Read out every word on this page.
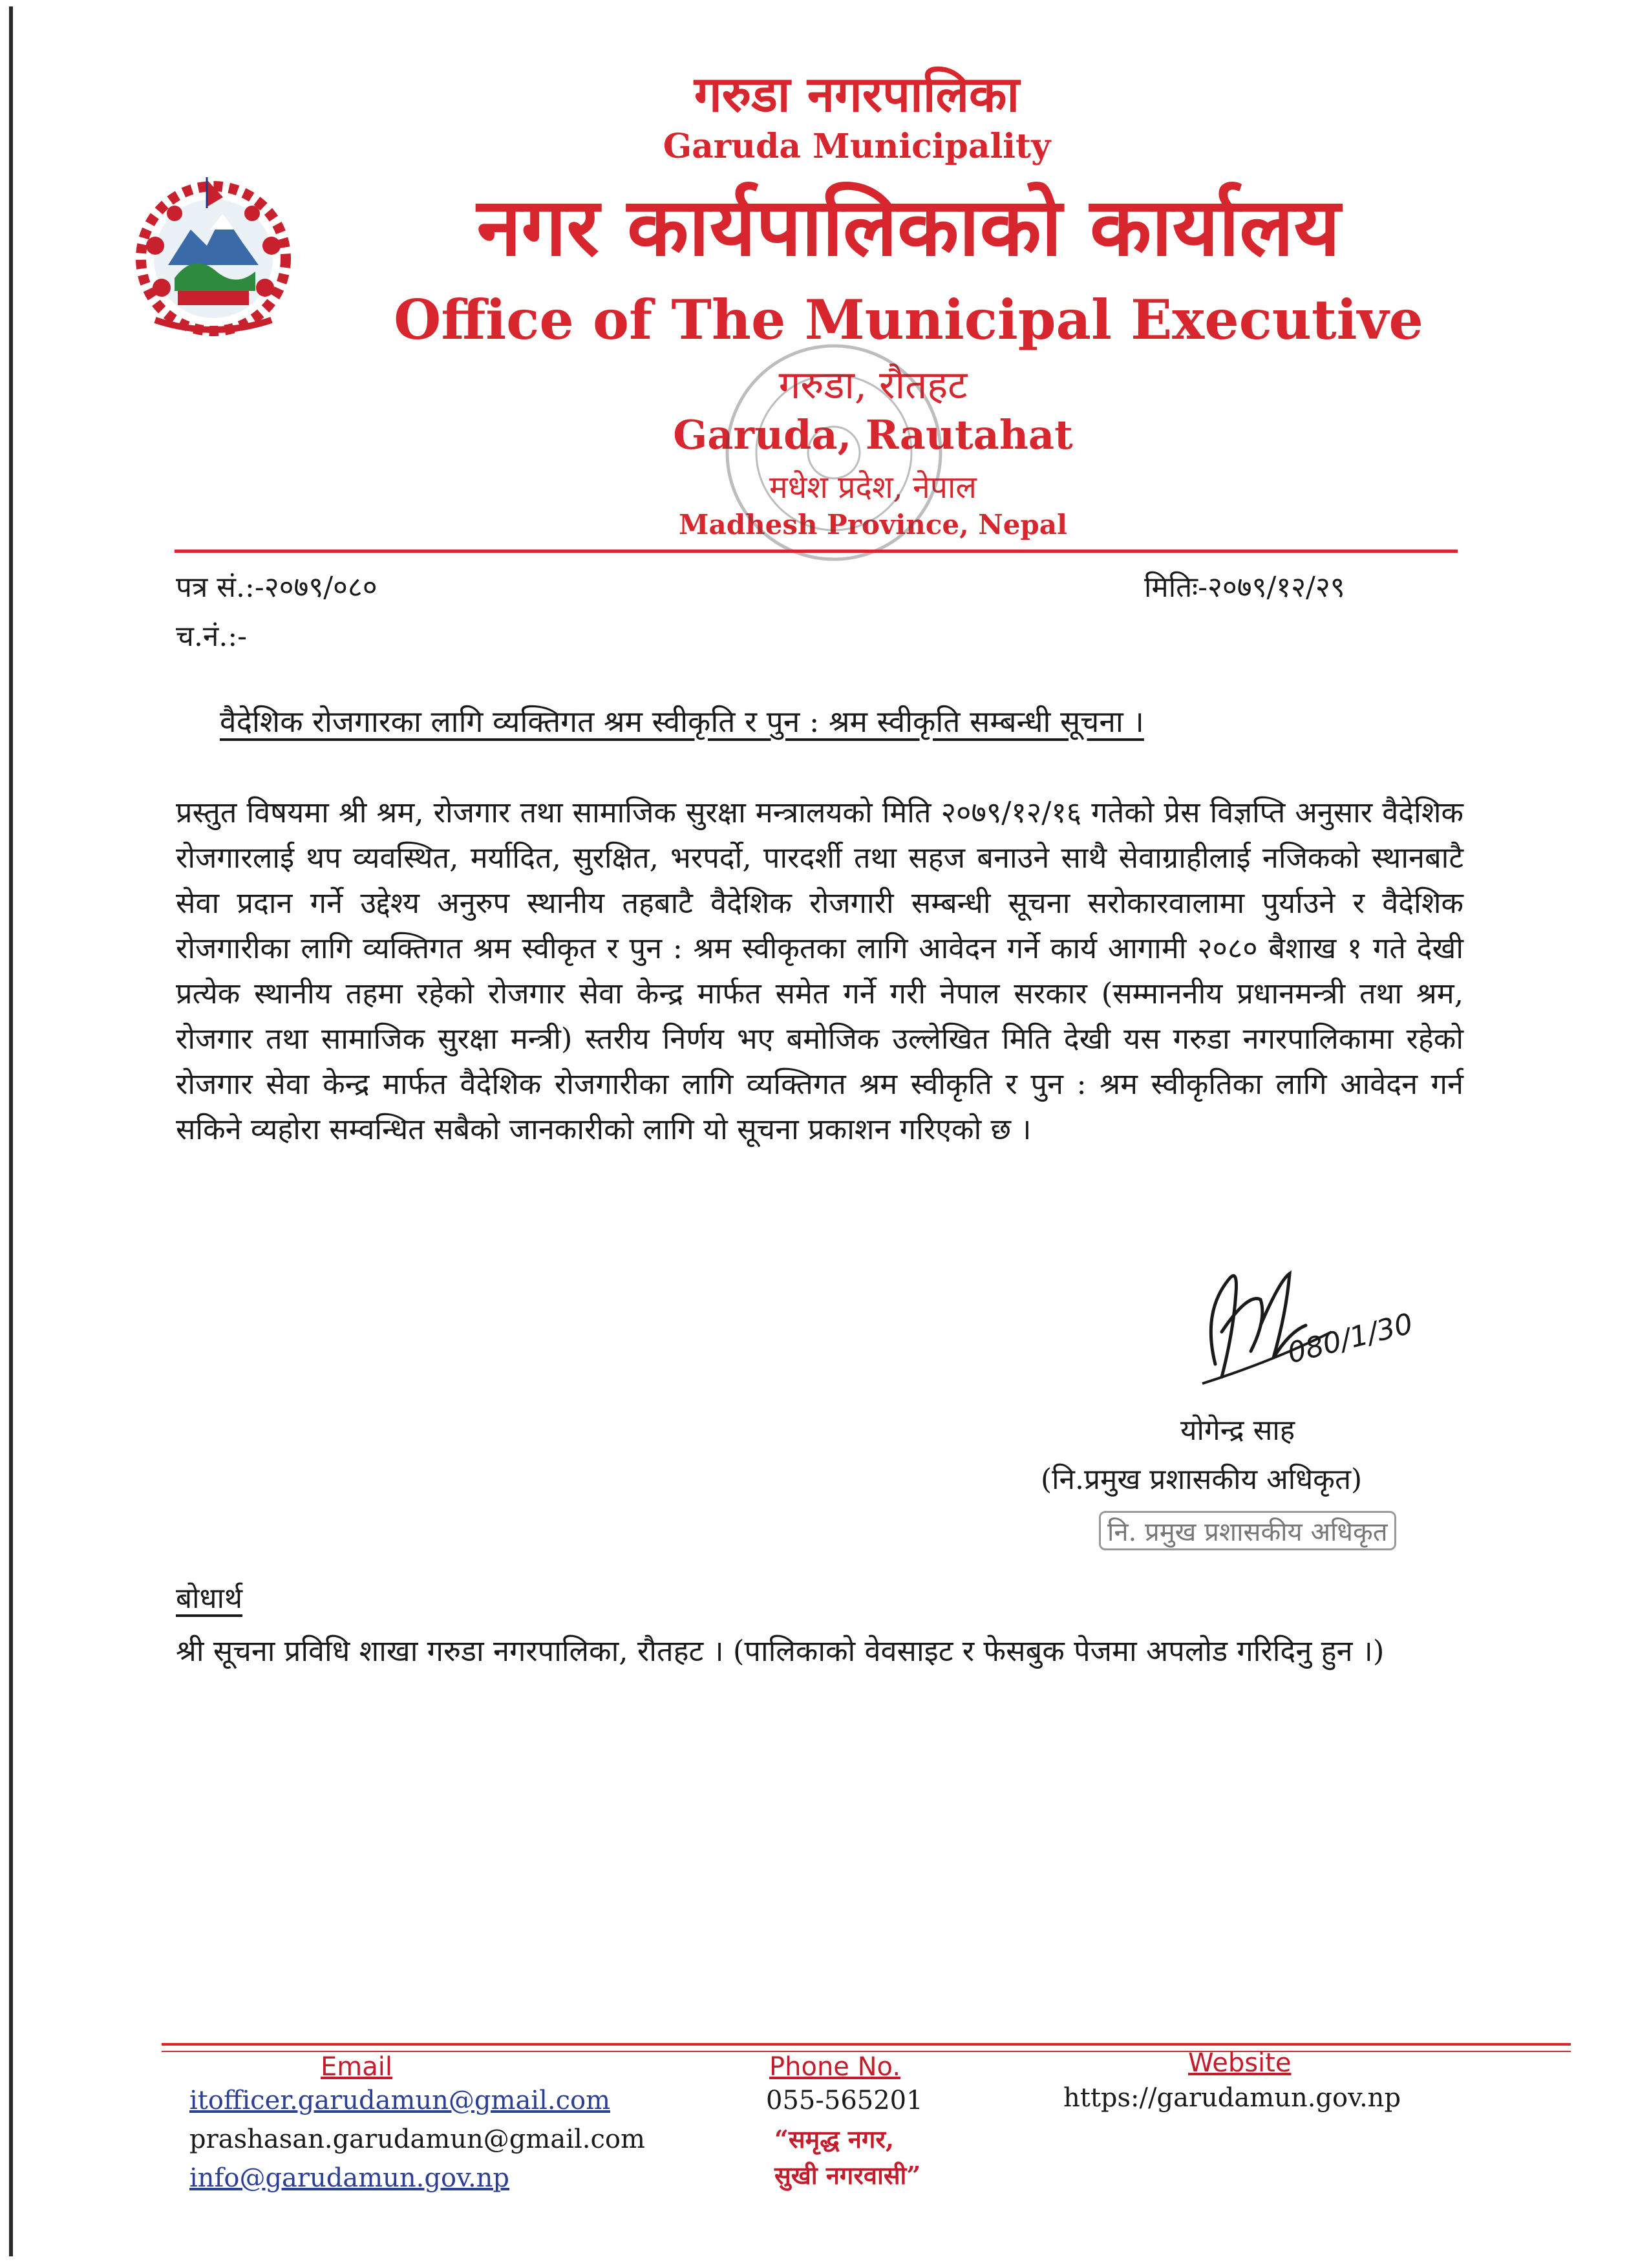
गरुडा नगरपालिका
Garuda Municipality
नगर कार्यपालिकाको कार्यालय
Office of The Municipal Executive
गरुडा, रौतहट
Garuda, Rautahat
मधेश प्रदेश, नेपाल
Madhesh Province, Nepal
पत्र सं.:-२०७९/०८०	मितिः-२०७९/१२/२९
च.नं.:-
वैदेशिक रोजगारका लागि व्यक्तिगत श्रम स्वीकृति र पुन : श्रम स्वीकृति सम्बन्धी सूचना ।
प्रस्तुत विषयमा श्री श्रम, रोजगार तथा सामाजिक सुरक्षा मन्त्रालयको मिति २०७९/१२/१६ गतेको प्रेस विज्ञप्ति अनुसार वैदेशिक रोजगारलाई थप व्यवस्थित, मर्यादित, सुरक्षित, भरपर्दो, पारदर्शी तथा सहज बनाउने साथै सेवाग्राहीलाई नजिकको स्थानबाटै सेवा प्रदान गर्ने उद्देश्य अनुरुप स्थानीय तहबाटै वैदेशिक रोजगारी सम्बन्धी सूचना सरोकारवालामा पुर्याउने र वैदेशिक रोजगारीका लागि व्यक्तिगत श्रम स्वीकृत र पुन : श्रम स्वीकृतका लागि आवेदन गर्ने कार्य आगामी २०८० बैशाख १ गते देखी प्रत्येक स्थानीय तहमा रहेको रोजगार सेवा केन्द्र मार्फत समेत गर्ने गरी नेपाल सरकार (सम्माननीय प्रधानमन्त्री तथा श्रम, रोजगार तथा सामाजिक सुरक्षा मन्त्री) स्तरीय निर्णय भए बमोजिक उल्लेखित मिति देखी यस गरुडा नगरपालिकामा रहेको रोजगार सेवा केन्द्र मार्फत वैदेशिक रोजगारीका लागि व्यक्तिगत श्रम स्वीकृति र पुन : श्रम स्वीकृतिका लागि आवेदन गर्न सकिने व्यहोरा सम्वन्धित सबैको जानकारीको लागि यो सूचना प्रकाशन गरिएको छ ।
080/1/30
योगेन्द्र साह
(नि.प्रमुख प्रशासकीय अधिकृत)
नि. प्रमुख प्रशासकीय अधिकृत
बोधार्थ
श्री सूचना प्रविधि शाखा गरुडा नगरपालिका, रौतहट । (पालिकाको वेवसाइट र फेसबुक पेजमा अपलोड गरिदिनु हुन ।)
Email
itofficer.garudamun@gmail.com
prashasan.garudamun@gmail.com
info@garudamun.gov.np
Phone No.
055-565201
“समृद्ध नगर,
सुखी नगरवासी”
Website
https://garudamun.gov.np
